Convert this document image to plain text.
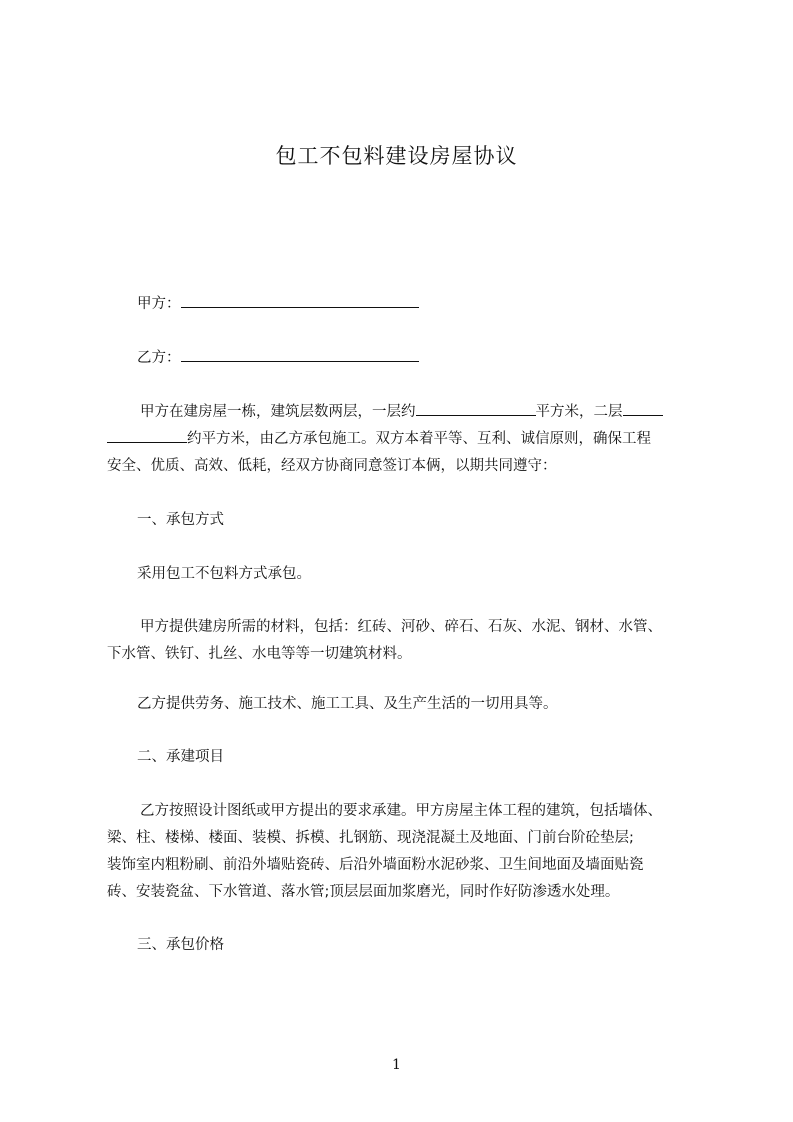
包工不包料建设房屋协议

甲方：

乙方：

甲方在建房屋一栋，建筑层数两层，一层约	平方米，二层

约平方米，由乙方承包施工。双方本着平等、互利、诚信原则，确保工程

安全、优质、高效、低耗，经双方协商同意签订本俩，以期共同遵守：

一、承包方式

采用包工不包料方式承包。

甲方提供建房所需的材料，包括：红砖、河砂、碎石、石灰、水泥、钢材、水管、

下水管、铁钉、扎丝、水电等等一切建筑材料。

乙方提供劳务、施工技术、施工工具、及生产生活的一切用具等。

二、承建项目

乙方按照设计图纸或甲方提出的要求承建。甲方房屋主体工程的建筑，包括墙体、

梁、柱、楼梯、楼面、装模、拆模、扎钢筋、现浇混凝土及地面、门前台阶砼垫层;

装饰室内粗粉刷、前沿外墙贴瓷砖、后沿外墙面粉水泥砂浆、卫生间地面及墙面贴瓷

砖、安装瓷盆、下水管道、落水管;顶层层面加浆磨光，同时作好防渗透水处理。

三、承包价格

1
